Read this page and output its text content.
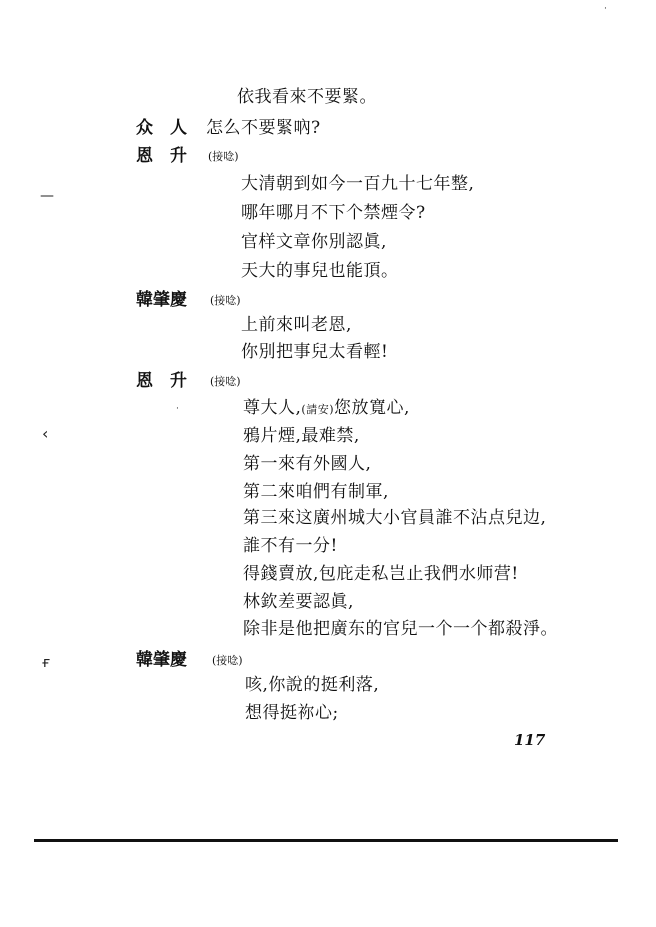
依我看來不要緊。
众　人 怎么不要緊吶?
恩　升 (接唸)
大清朝到如今一百九十七年整,
哪年哪月不下个禁煙令?
官样文章你別認眞,
天大的事兒也能頂。
韓肇慶 (接唸)
上前來叫老恩,
你別把事兒太看輕!
恩　升 (接唸)
尊大人,(請安)您放寬心,
鴉片煙,最难禁,
第一來有外國人,
第二來咱們有制軍,
第三來这廣州城大小官員誰不沾点兒边,
誰不有一分!
得錢賣放,包庇走私岂止我們水师营!
林欽差要認眞,
除非是他把廣东的官兒一个一个都殺淨。
韓肇慶 (接唸)
咳,你說的挺利落,
想得挺祢心;
117
—
‹
ғ
·
·
